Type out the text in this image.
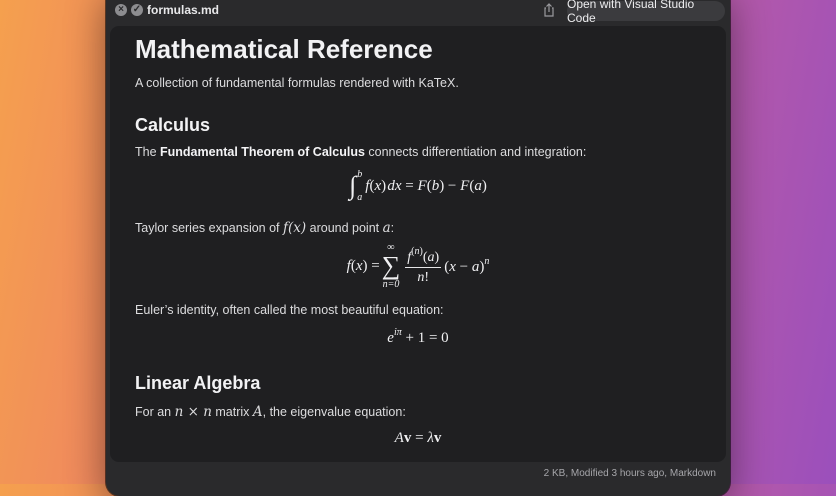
× ✓ formulas.md	Open with Visual Studio Code
Mathematical Reference
A collection of fundamental formulas rendered with KaTeX.
Calculus
The Fundamental Theorem of Calculus connects differentiation and integration:
∫ b
a
f (x) dx = F(b) − F(a)
Taylor series expansion of f(x) around point a:
f(x) =
∞
∑
$n=0 \frac{f^{(n)}(a)}{n!} (x - a)^n$
Euler’s identity, often called the most beautiful equation:
$e^{i\pi} + 1 = 0$
Linear Algebra
For an n × n matrix A, the eigenvalue equation:
Av = λv
2 KB, Modified 3 hours ago, Markdown
